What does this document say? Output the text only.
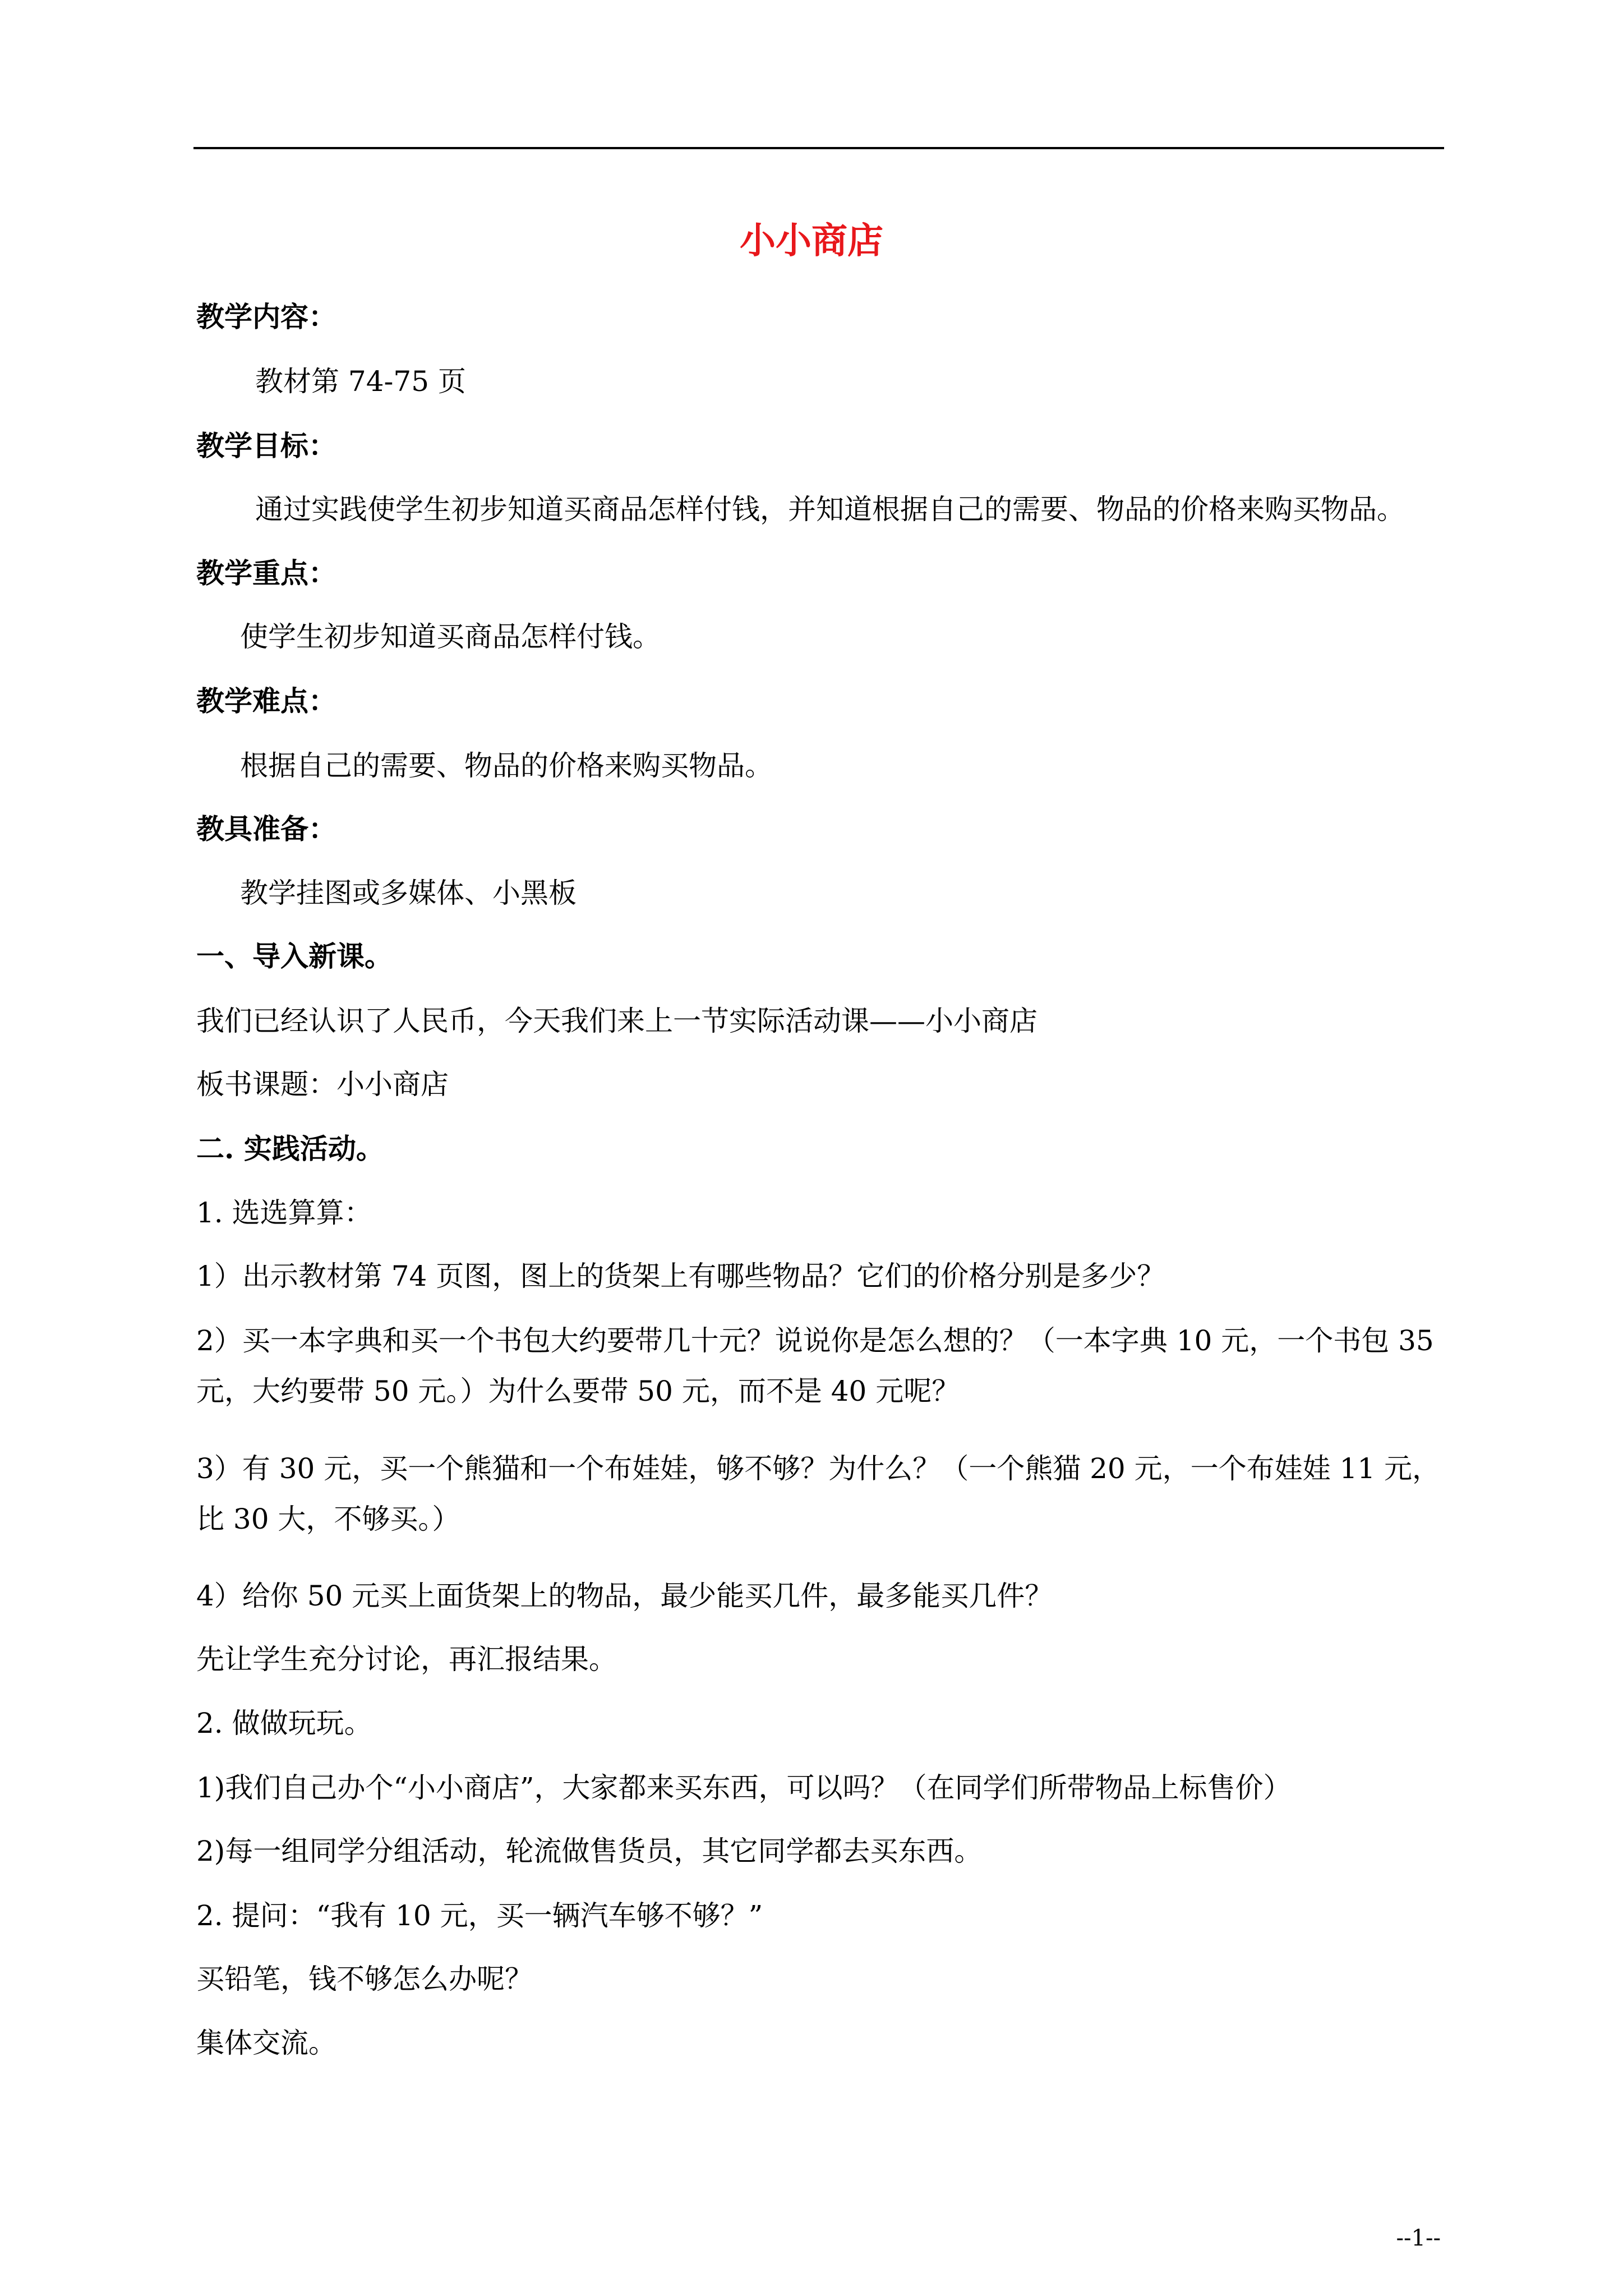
小小商店
教学内容：
教材第 74-75 页
教学目标：
通过实践使学生初步知道买商品怎样付钱，并知道根据自己的需要、物品的价格来购买物品。
教学重点：
使学生初步知道买商品怎样付钱。
教学难点：
根据自己的需要、物品的价格来购买物品。
教具准备：
教学挂图或多媒体、小黑板
一、导入新课。
我们已经认识了人民币，今天我们来上一节实际活动课——小小商店
板书课题：小小商店
二. 实践活动。
1. 选选算算：
1）出示教材第 74 页图，图上的货架上有哪些物品？它们的价格分别是多少？
2）买一本字典和买一个书包大约要带几十元？说说你是怎么想的？（一本字典 10 元，一个书包 35 元，大约要带 50 元。）为什么要带 50 元，而不是 40 元呢？
3）有 30 元，买一个熊猫和一个布娃娃，够不够？为什么？（一个熊猫 20 元，一个布娃娃 11 元，比 30 大，不够买。）
4）给你 50 元买上面货架上的物品，最少能买几件，最多能买几件？
先让学生充分讨论，再汇报结果。
2. 做做玩玩。
1)我们自己办个“小小商店”，大家都来买东西，可以吗？（在同学们所带物品上标售价）
2)每一组同学分组活动，轮流做售货员，其它同学都去买东西。
2. 提问：“我有 10 元，买一辆汽车够不够？”
买铅笔，钱不够怎么办呢？
集体交流。
--1--
